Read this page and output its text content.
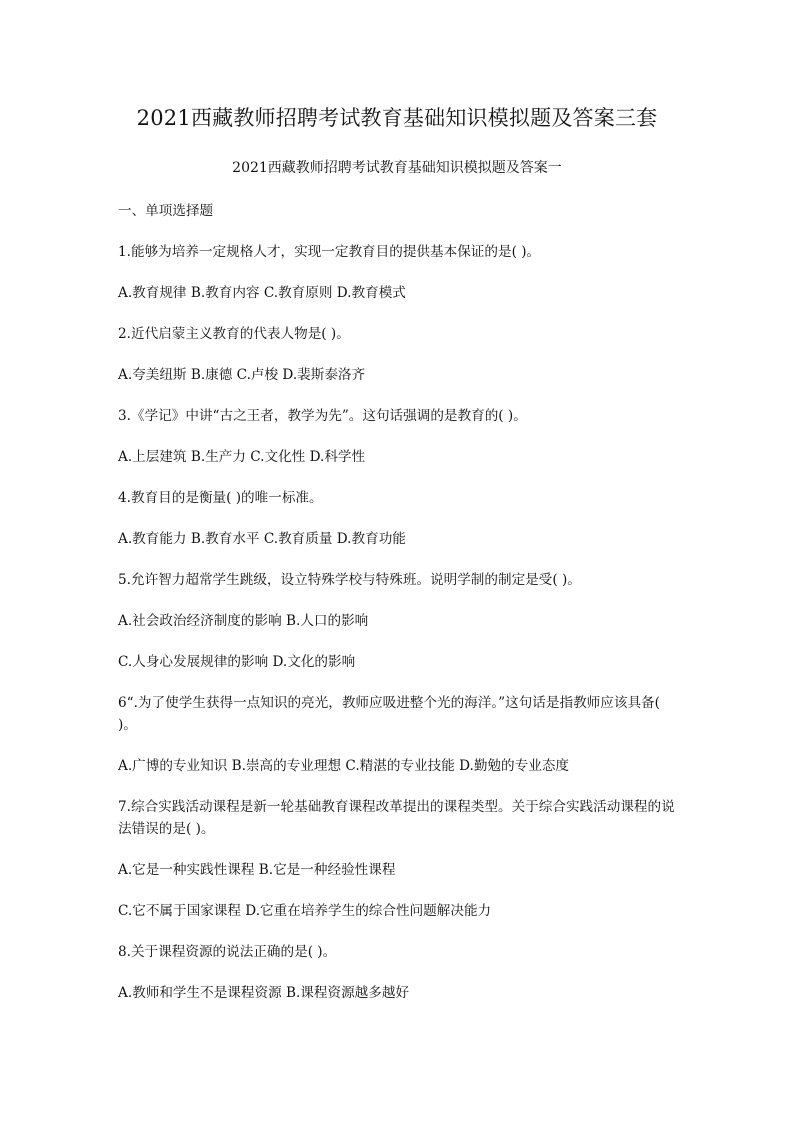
2021西藏教师招聘考试教育基础知识模拟题及答案三套
2021西藏教师招聘考试教育基础知识模拟题及答案一

一、单项选择题

1.能够为培养一定规格人才，实现一定教育目的提供基本保证的是( )。

A.教育规律 B.教育内容 C.教育原则 D.教育模式

2.近代启蒙主义教育的代表人物是( )。

A.夸美纽斯 B.康德 C.卢梭 D.裴斯泰洛齐

3.《学记》中讲“古之王者，教学为先”。这句话强调的是教育的( )。

A.上层建筑 B.生产力 C.文化性 D.科学性

4.教育目的是衡量( )的唯一标准。

A.教育能力 B.教育水平 C.教育质量 D.教育功能

5.允许智力超常学生跳级，设立特殊学校与特殊班。说明学制的制定是受( )。

A.社会政治经济制度的影响 B.人口的影响

C.人身心发展规律的影响 D.文化的影响

6“.为了使学生获得一点知识的亮光，教师应吸进整个光的海洋。”这句话是指教师应该具备( )。

A.广博的专业知识 B.崇高的专业理想 C.精湛的专业技能 D.勤勉的专业态度

7.综合实践活动课程是新一轮基础教育课程改革提出的课程类型。关于综合实践活动课程的说法错误的是( )。

A.它是一种实践性课程 B.它是一种经验性课程

C.它不属于国家课程 D.它重在培养学生的综合性问题解决能力

8.关于课程资源的说法正确的是( )。

A.教师和学生不是课程资源 B.课程资源越多越好
